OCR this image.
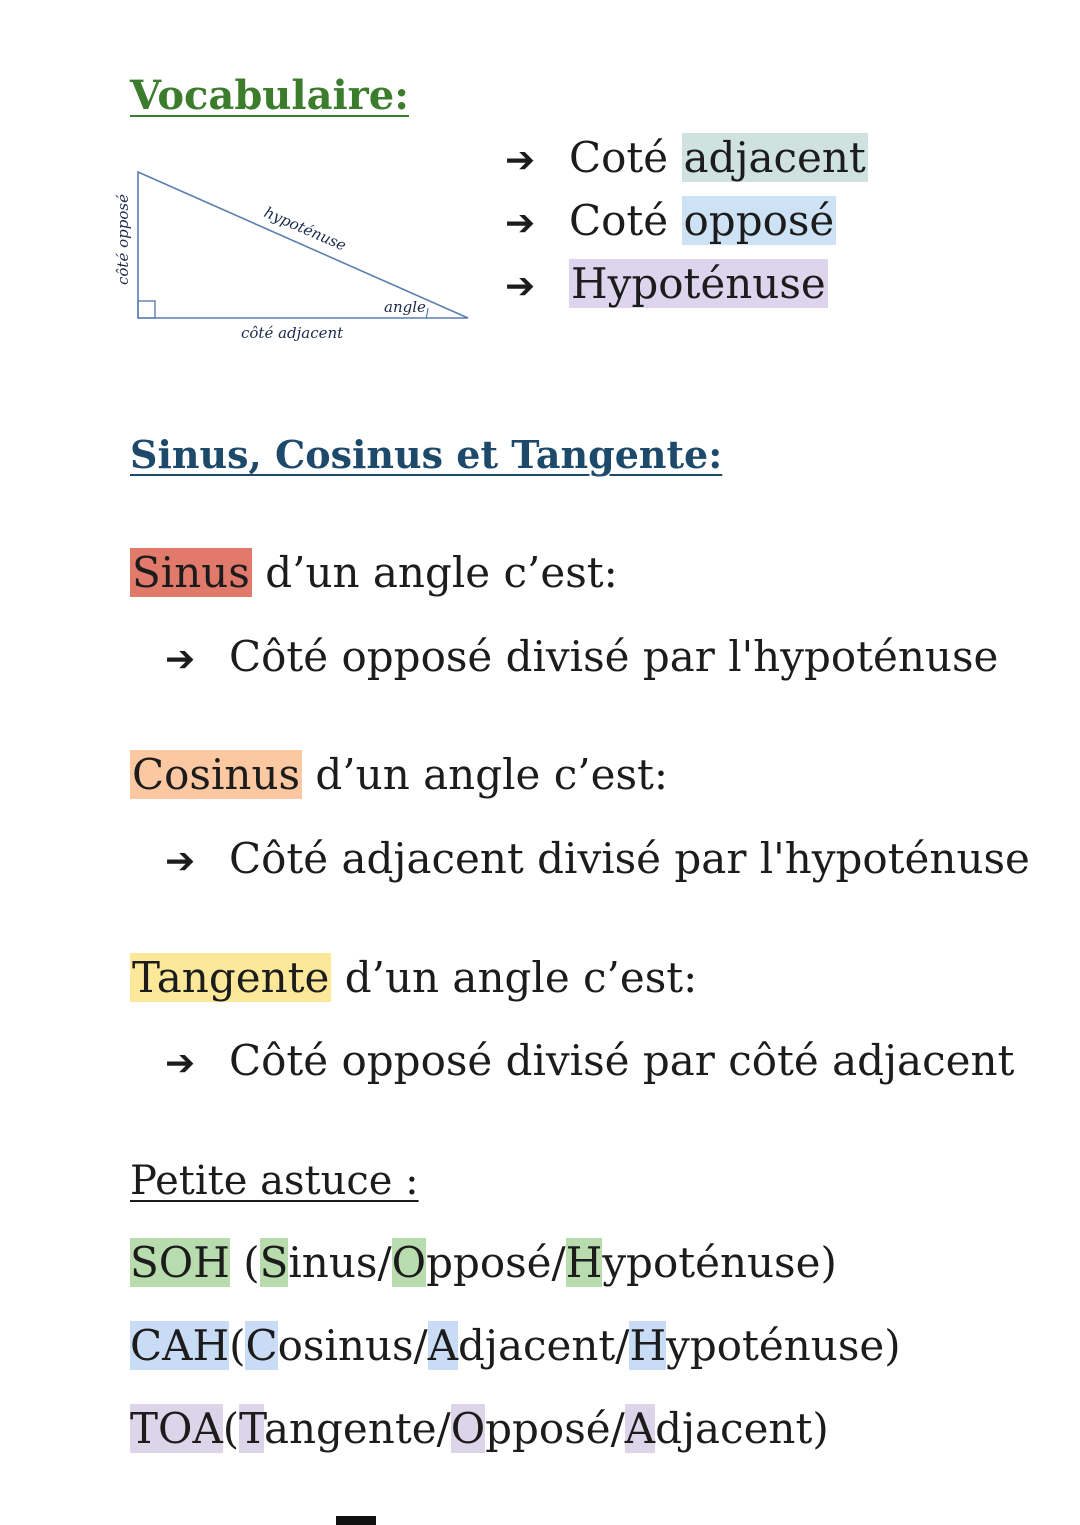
Vocabulaire:
côté opposé	hypoténuse
angle
côté adjacent
➔ Coté adjacent
➔ Coté opposé
➔ Hypoténuse
Sinus, Cosinus et Tangente:
Sinus d’un angle c’est:
➔ Côté opposé divisé par l'hypoténuse
Cosinus d’un angle c’est:
➔ Côté adjacent divisé par l'hypoténuse
Tangente d’un angle c’est:
➔ Côté opposé divisé par côté adjacent
Petite astuce :
SOH (Sinus/Opposé/Hypoténuse)
CAH(Cosinus/Adjacent/Hypoténuse)
TOA(Tangente/Opposé/Adjacent)
